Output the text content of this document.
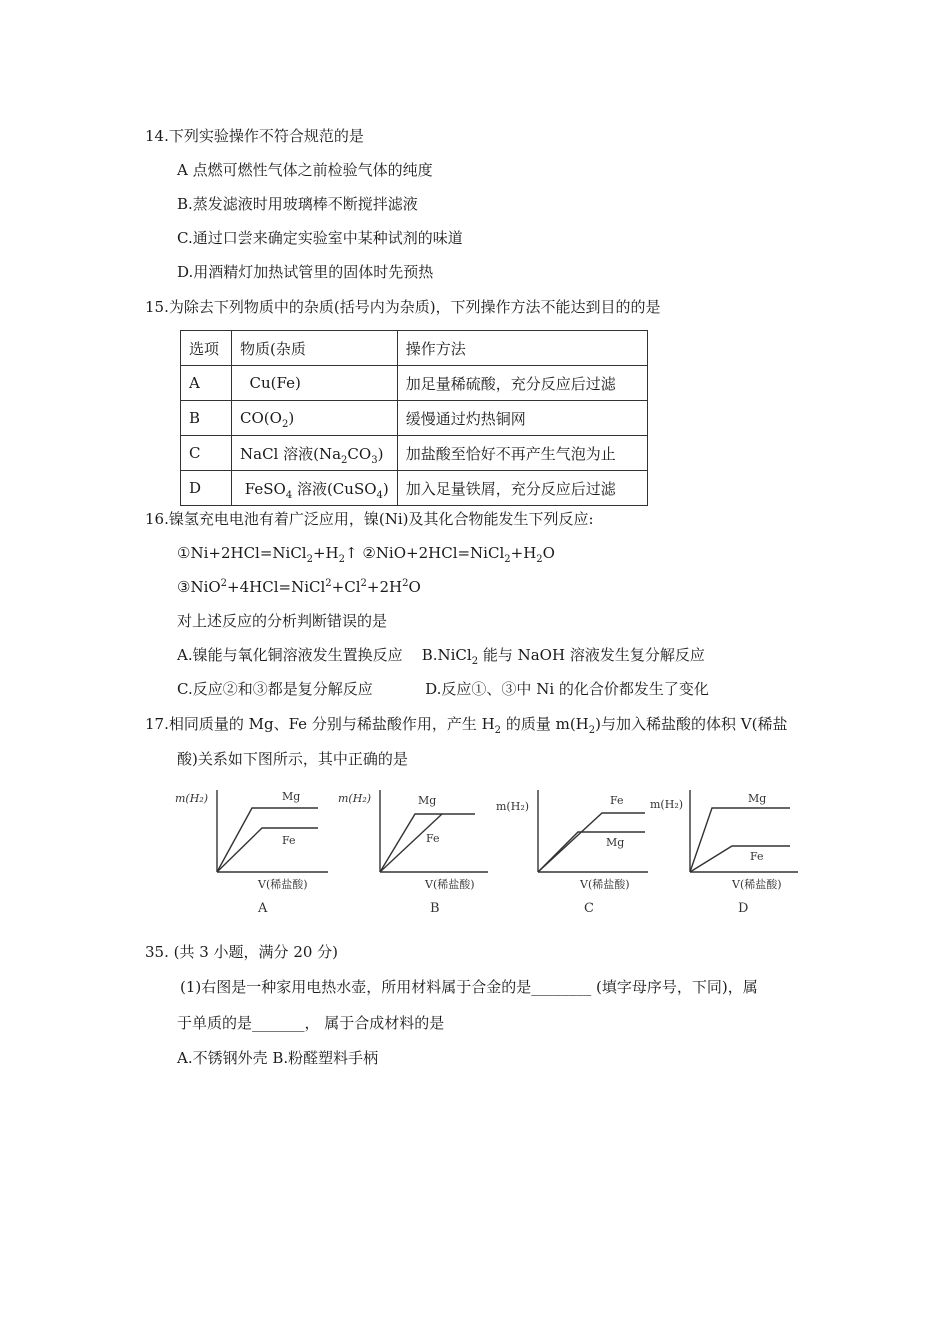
14.下列实验操作不符合规范的是
A 点燃可燃性气体之前检验气体的纯度
B.蒸发滤液时用玻璃棒不断搅拌滤液
C.通过口尝来确定实验室中某种试剂的味道
D.用酒精灯加热试管里的固体时先预热
15.为除去下列物质中的杂质(括号内为杂质)，下列操作方法不能达到目的的是
选项	物质(杂质	操作方法
A	Cu(Fe)	加足量稀硫酸，充分反应后过滤
B	$CO(O_2)$	缓慢通过灼热铜网
C	NaCl 溶液$(Na_2CO_3)$	加盐酸至恰好不再产生气泡为止
D	FeSO$_4$ 溶液(CuSO$_4$)	加入足量铁屑，充分反应后过滤
16.镍氢充电电池有着广泛应用，镍(Ni)及其化合物能发生下列反应:
$①Ni+2HCl=NiCl_2+H_2↑$ $②NiO+2HCl=NiCl_2+H_2O$
$③NiO^2+4HCl=NiCl^2+Cl^2+2H^2O$
对上述反应的分析判断错误的是
A.镍能与氧化铜溶液发生置换反应 B.NiCl$_2$ 能与 NaOH 溶液发生复分解反应
C.反应②和③都是复分解反应	D.反应①、③中 Ni 的化合价都发生了变化
17.相同质量的 Mg、Fe 分别与稀盐酸作用，产生 $H_2$ 的质量 $m(H_2)$与加入稀盐酸的体积 V(稀盐
酸)关系如下图所示，其中正确的是
m(H₂)	Mg
Fe
V(稀盐酸)
A
m(H₂)	Mg
Fe
V(稀盐酸)
B
m(H₂)	Fe
Mg
V(稀盐酸)
C
m(H₂)	Mg
Fe
V(稀盐酸)
D
35. (共 3 小题，满分 20 分)
(1)右图是一种家用电热水壶，所用材料属于合金的是________ (填字母序号，下同)，属
于单质的是_______， 属于合成材料的是
A.不锈钢外壳 B.粉醛塑料手柄
